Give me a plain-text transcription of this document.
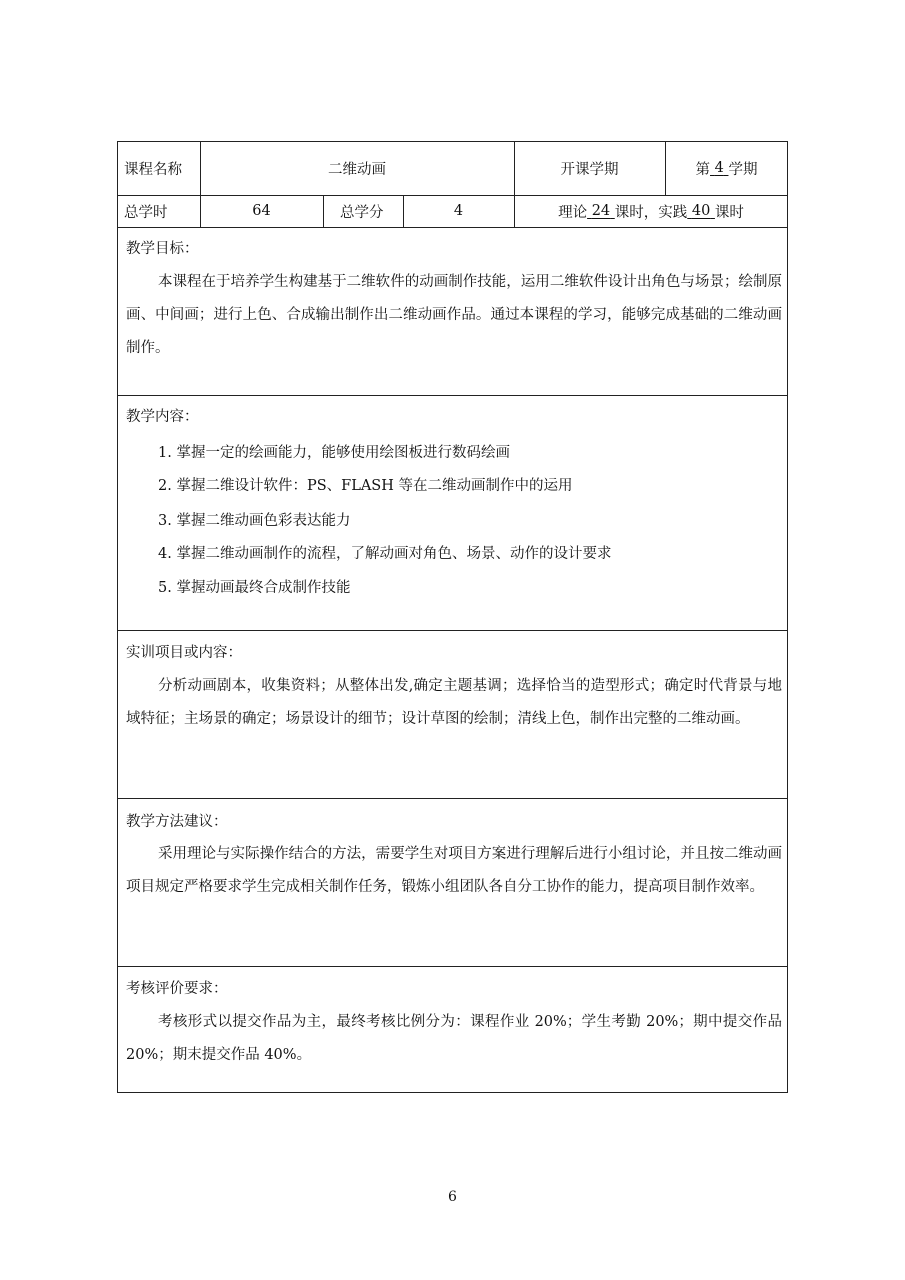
课程名称	二维动画	开课学期	第 4 学期
总学时	64	总学分	4	理论 24 课时，实践 40 课时
教学目标：
本课程在于培养学生构建基于二维软件的动画制作技能，运用二维软件设计出角色与场景；绘制原画、中间画；进行上色、合成输出制作出二维动画作品。通过本课程的学习，能够完成基础的二维动画制作。
教学内容：
1. 掌握一定的绘画能力，能够使用绘图板进行数码绘画
2. 掌握二维设计软件：PS、FLASH 等在二维动画制作中的运用
3. 掌握二维动画色彩表达能力
4. 掌握二维动画制作的流程，了解动画对角色、场景、动作的设计要求
5. 掌握动画最终合成制作技能
实训项目或内容：
分析动画剧本，收集资料；从整体出发,确定主题基调；选择恰当的造型形式；确定时代背景与地域特征；主场景的确定；场景设计的细节；设计草图的绘制；清线上色，制作出完整的二维动画。
教学方法建议：
采用理论与实际操作结合的方法，需要学生对项目方案进行理解后进行小组讨论，并且按二维动画项目规定严格要求学生完成相关制作任务，锻炼小组团队各自分工协作的能力，提高项目制作效率。
考核评价要求：
考核形式以提交作品为主，最终考核比例分为：课程作业 20%；学生考勤 20%；期中提交作品 20%；期末提交作品 40%。
6
